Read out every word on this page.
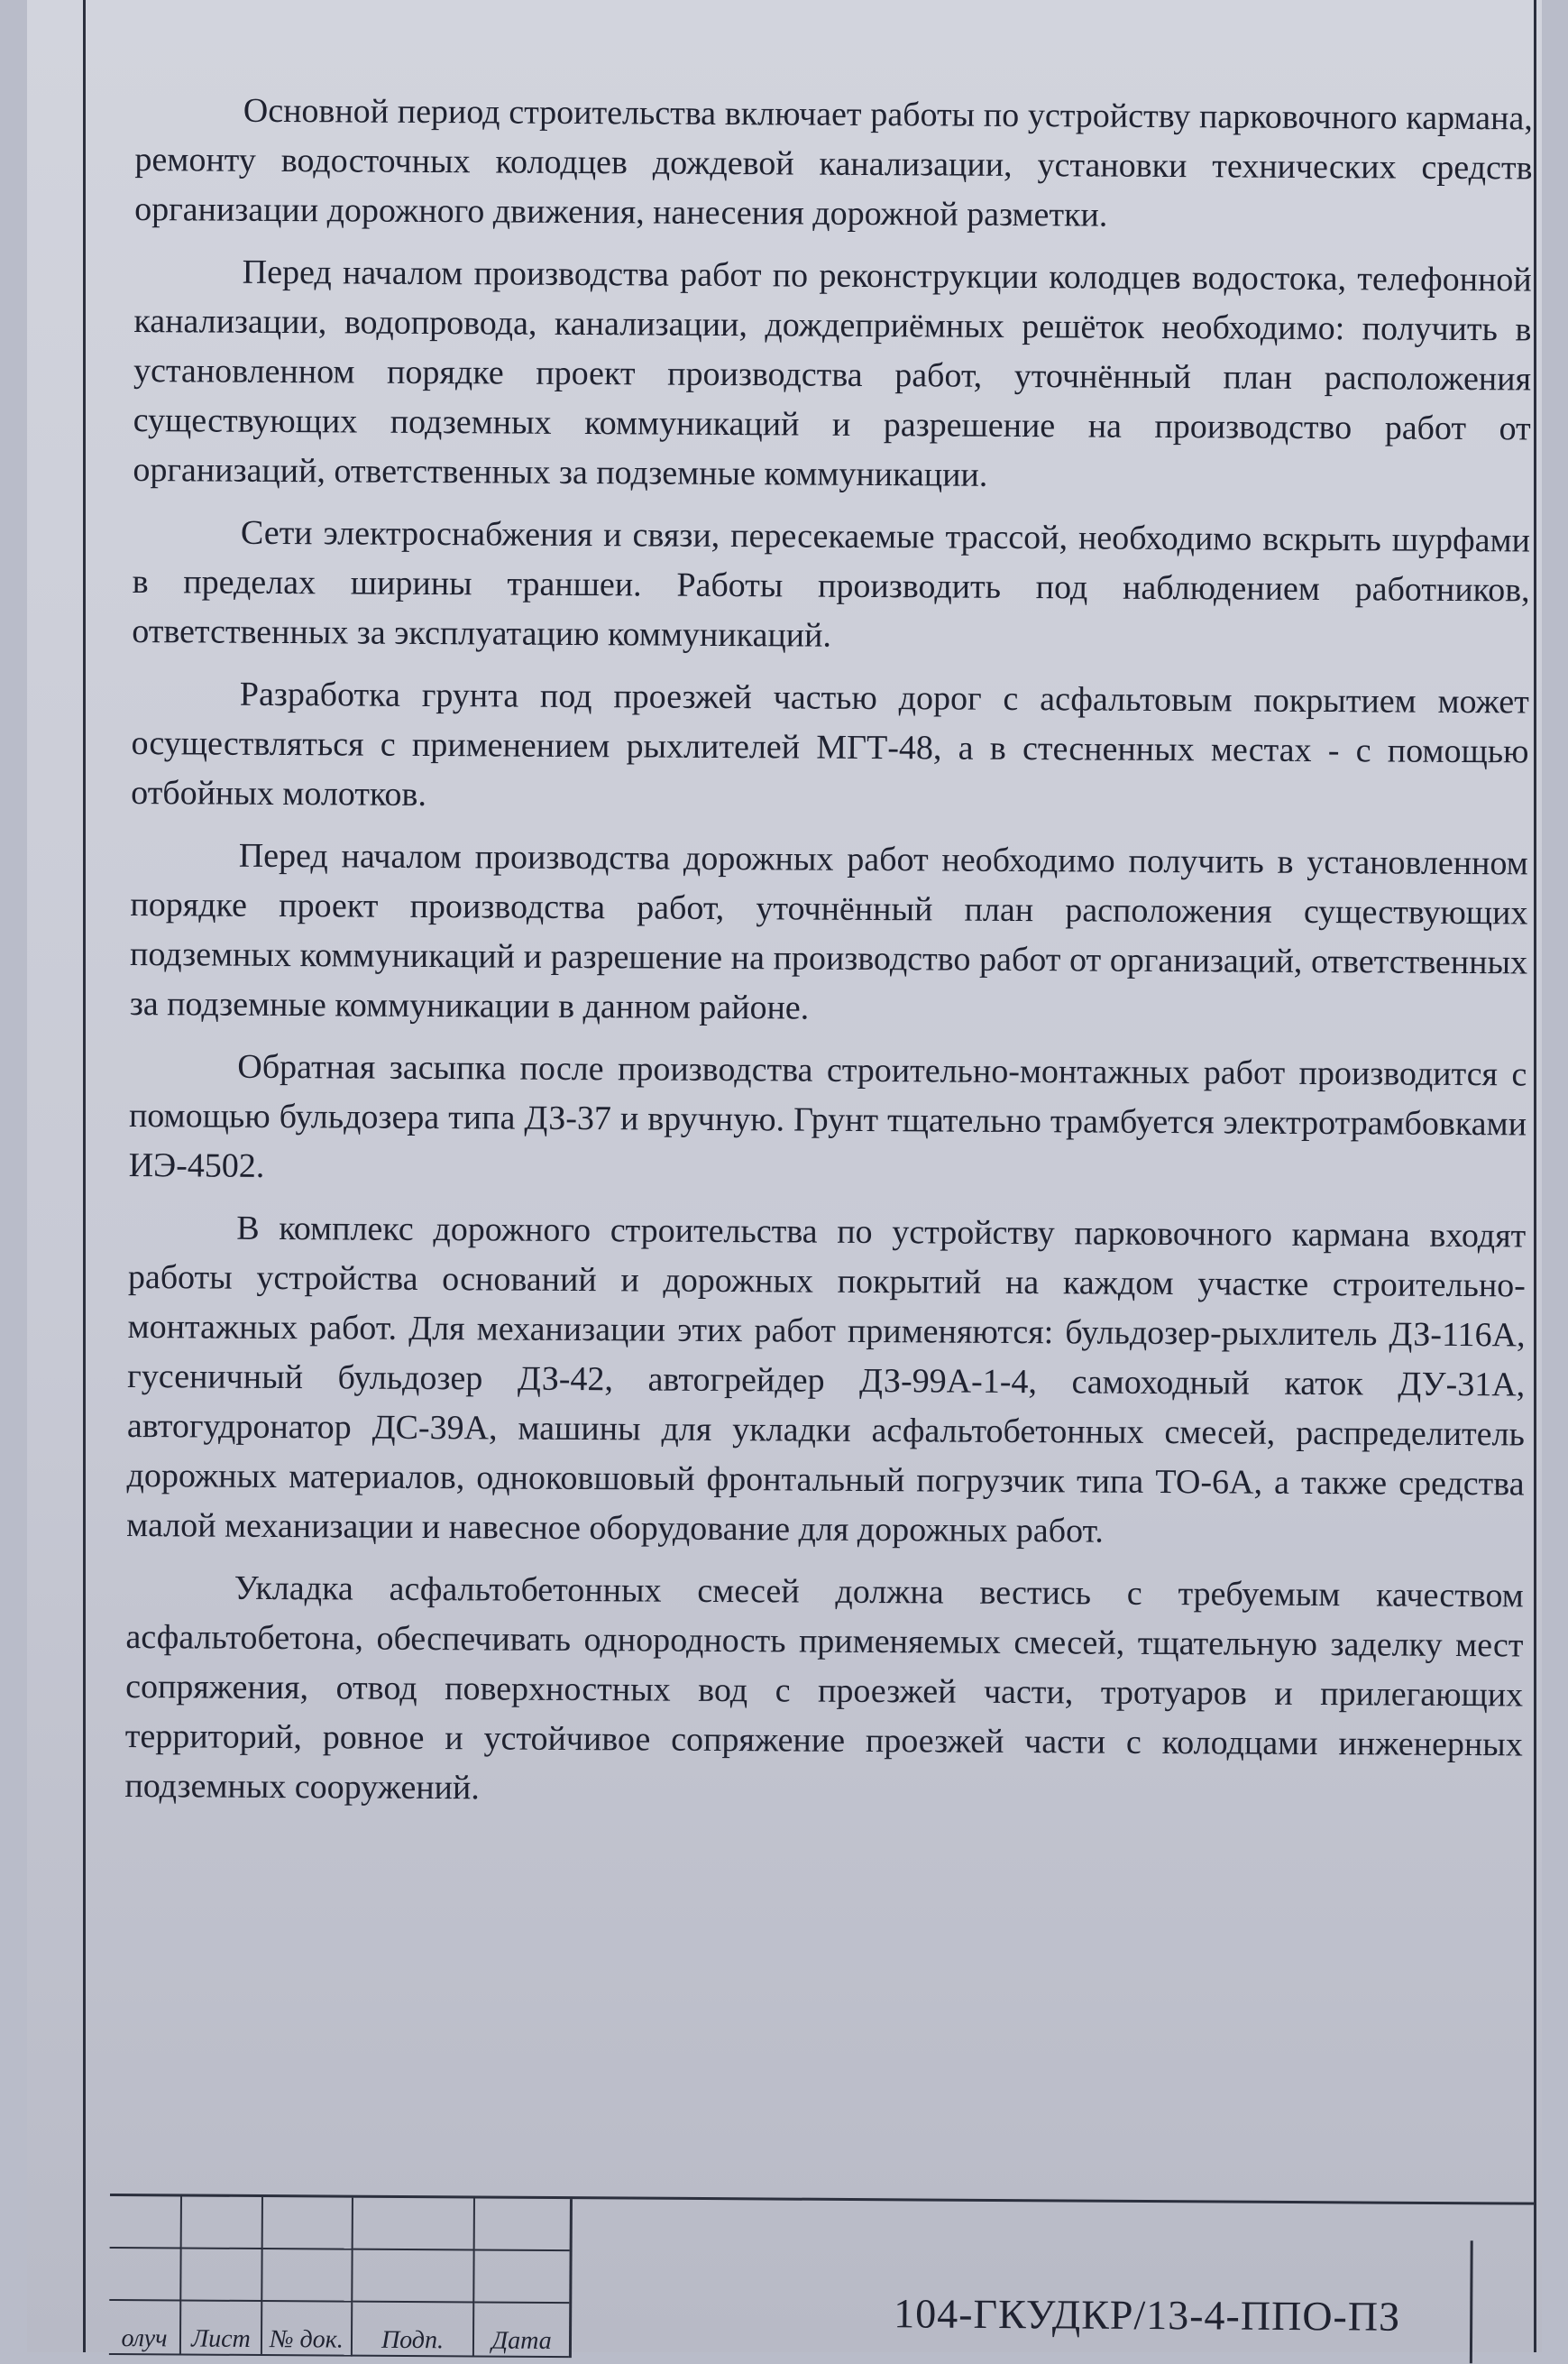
Основной период строительства включает работы по устройству парковочного кармана, ремонту водосточных колодцев дождевой канализации, установки технических средств организации дорожного движения, нанесения дорожной разметки.

Перед началом производства работ по реконструкции колодцев водостока, телефонной канализации, водопровода, канализации, дождеприёмных решёток необходимо: получить в установленном порядке проект производства работ, уточнённый план расположения существующих подземных коммуникаций и разрешение на производство работ от организаций, ответственных за подземные коммуникации.

Сети электроснабжения и связи, пересекаемые трассой, необходимо вскрыть шурфами в пределах ширины траншеи. Работы производить под наблюдением работников, ответственных за эксплуатацию коммуникаций.

Разработка грунта под проезжей частью дорог с асфальтовым покрытием может осуществляться с применением рыхлителей МГТ-48, а в стесненных местах - с помощью отбойных молотков.

Перед началом производства дорожных работ необходимо получить в установленном порядке проект производства работ, уточнённый план расположения существующих подземных коммуникаций и разрешение на производство работ от организаций, ответственных за подземные коммуникации в данном районе.

Обратная засыпка после производства строительно-монтажных работ производится с помощью бульдозера типа ДЗ-37 и вручную. Грунт тщательно трамбуется электротрамбовками ИЭ-4502.

В комплекс дорожного строительства по устройству парковочного кармана входят работы устройства оснований и дорожных покрытий на каждом участке строительно-монтажных работ. Для механизации этих работ применяются: бульдозер-рыхлитель ДЗ-116А, гусеничный бульдозер ДЗ-42, автогрейдер ДЗ-99А-1-4, самоходный каток ДУ-31А, автогудронатор ДС-39А, машины для укладки асфальтобетонных смесей, распределитель дорожных материалов, одноковшовый фронтальный погрузчик типа ТО-6А, а также средства малой механизации и навесное оборудование для дорожных работ.

Укладка асфальтобетонных смесей должна вестись с требуемым качеством асфальтобетона, обеспечивать однородность применяемых смесей, тщательную заделку мест сопряжения, отвод поверхностных вод с проезжей части, тротуаров и прилегающих территорий, ровное и устойчивое сопряжение проезжей части с колодцами инженерных подземных сооружений.

олуч Лист № док.	Подп.	Дата
104-ГКУДКР/13-4-ППО-ПЗ
